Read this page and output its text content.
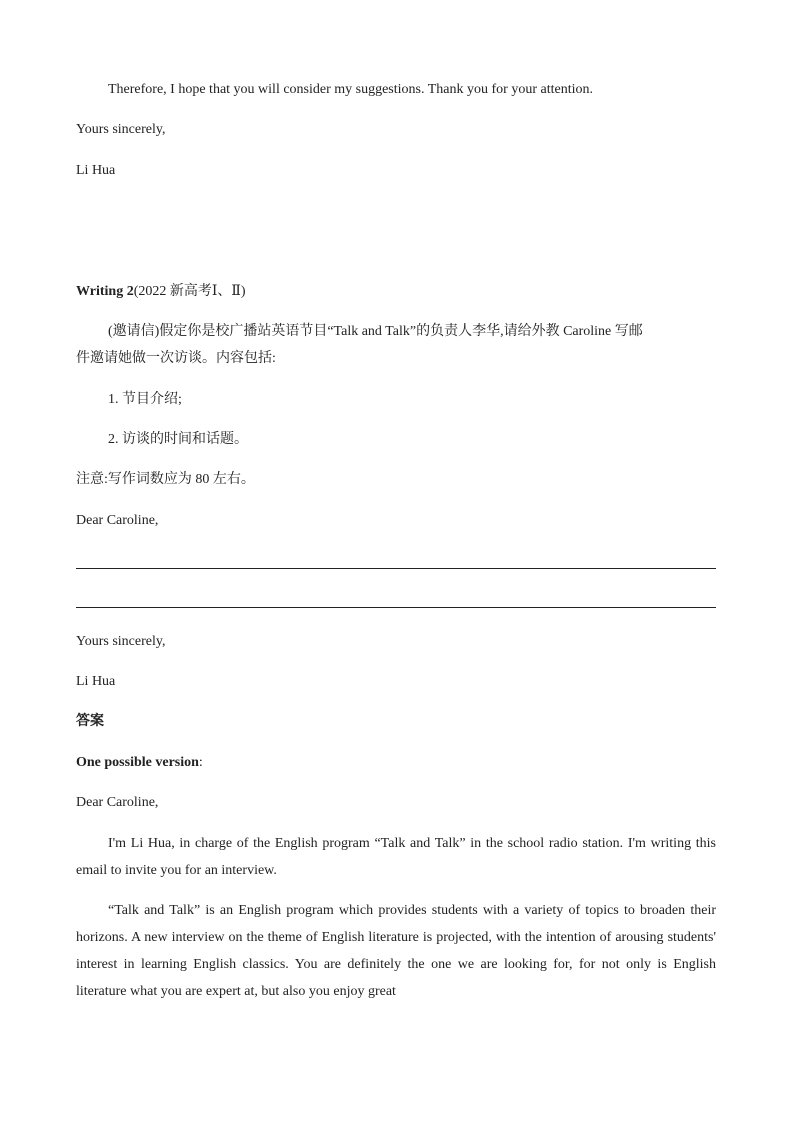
Therefore, I hope that you will consider my suggestions. Thank you for your attention.
Yours sincerely,
Li Hua
Writing 2(2022 新高考Ⅰ、Ⅱ)
(邀请信)假定你是校广播站英语节目“Talk and Talk”的负责人李华,请给外教 Caroline 写邮
件邀请她做一次访谈。内容包括:
1. 节目介绍;
2. 访谈的时间和话题。
注意:写作词数应为 80 左右。
Dear Caroline,
Yours sincerely,
Li Hua
答案
One possible version:
Dear Caroline,

I'm Li Hua, in charge of the English program “Talk and Talk” in the school radio station. I'm writing this email to invite you for an interview.

“Talk and Talk” is an English program which provides students with a variety of topics to broaden their horizons. A new interview on the theme of English literature is projected, with the intention of arousing students' interest in learning English classics. You are definitely the one we are looking for, for not only is English literature what you are expert at, but also you enjoy great
